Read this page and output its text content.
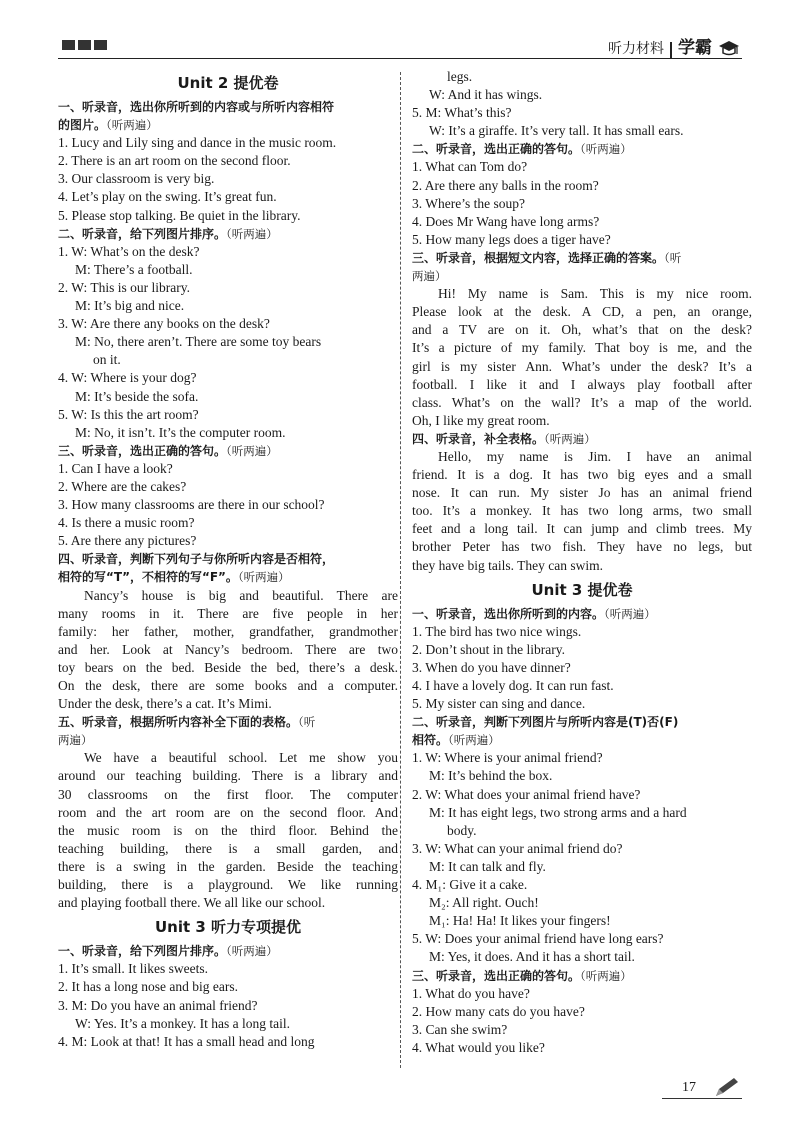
听力材料 学霸
Unit 2 提优卷
一、听录音，选出你所听到的内容或与所听内容相符
的图片。（听两遍）
1. Lucy and Lily sing and dance in the music room.
2. There is an art room on the second floor.
3. Our classroom is very big.
4. Let’s play on the swing. It’s great fun.
5. Please stop talking. Be quiet in the library.
二、听录音，给下列图片排序。（听两遍）
1. W: What’s on the desk?
M: There’s a football.
2. W: This is our library.
M: It’s big and nice.
3. W: Are there any books on the desk?
M: No, there aren’t. There are some toy bears
on it.
4. W: Where is your dog?
M: It’s beside the sofa.
5. W: Is this the art room?
M: No, it isn’t. It’s the computer room.
三、听录音，选出正确的答句。（听两遍）
1. Can I have a look?
2. Where are the cakes?
3. How many classrooms are there in our school?
4. Is there a music room?
5. Are there any pictures?
四、听录音，判断下列句子与你所听内容是否相符，
相符的写“T”，不相符的写“F”。（听两遍）
Nancy’s house is big and beautiful. There are
many rooms in it. There are five people in her
family: her father, mother, grandfather, grandmother
and her. Look at Nancy’s bedroom. There are two
toy bears on the bed. Beside the bed, there’s a desk.
On the desk, there are some books and a computer.
Under the desk, there’s a cat. It’s Mimi.
五、听录音，根据所听内容补全下面的表格。（听
两遍）
We have a beautiful school. Let me show you
around our teaching building. There is a library and
30 classrooms on the first floor. The computer
room and the art room are on the second floor. And
the music room is on the third floor. Behind the
teaching building, there is a small garden, and
there is a swing in the garden. Beside the teaching
building, there is a playground. We like running
and playing football there. We all like our school.
Unit 3 听力专项提优
一、听录音，给下列图片排序。（听两遍）
1. It’s small. It likes sweets.
2. It has a long nose and big ears.
3. M: Do you have an animal friend?
W: Yes. It’s a monkey. It has a long tail.
4. M: Look at that! It has a small head and long
legs.
W: And it has wings.
5. M: What’s this?
W: It’s a giraffe. It’s very tall. It has small ears.
二、听录音，选出正确的答句。（听两遍）
1. What can Tom do?
2. Are there any balls in the room?
3. Where’s the soup?
4. Does Mr Wang have long arms?
5. How many legs does a tiger have?
三、听录音，根据短文内容，选择正确的答案。（听
两遍）
Hi! My name is Sam. This is my nice room.
Please look at the desk. A CD, a pen, an orange,
and a TV are on it. Oh, what’s that on the desk?
It’s a picture of my family. That boy is me, and the
girl is my sister Ann. What’s under the desk? It’s a
football. I like it and I always play football after
class. What’s on the wall? It’s a map of the world.
Oh, I like my great room.
四、听录音，补全表格。（听两遍）
Hello, my name is Jim. I have an animal
friend. It is a dog. It has two big eyes and a small
nose. It can run. My sister Jo has an animal friend
too. It’s a monkey. It has two long arms, two small
feet and a long tail. It can jump and climb trees. My
brother Peter has two fish. They have no legs, but
they have big tails. They can swim.
Unit 3 提优卷
一、听录音，选出你所听到的内容。（听两遍）
1. The bird has two nice wings.
2. Don’t shout in the library.
3. When do you have dinner?
4. I have a lovely dog. It can run fast.
5. My sister can sing and dance.
二、听录音，判断下列图片与所听内容是(T)否(F)
相符。（听两遍）
1. W: Where is your animal friend?
M: It’s behind the box.
2. W: What does your animal friend have?
M: It has eight legs, two strong arms and a hard
body.
3. W: What can your animal friend do?
M: It can talk and fly.
4. M₁: Give it a cake.
M₂: All right. Ouch!
M₁: Ha! Ha! It likes your fingers!
5. W: Does your animal friend have long ears?
M: Yes, it does. And it has a short tail.
三、听录音，选出正确的答句。（听两遍）
1. What do you have?
2. How many cats do you have?
3. Can she swim?
4. What would you like?
17
